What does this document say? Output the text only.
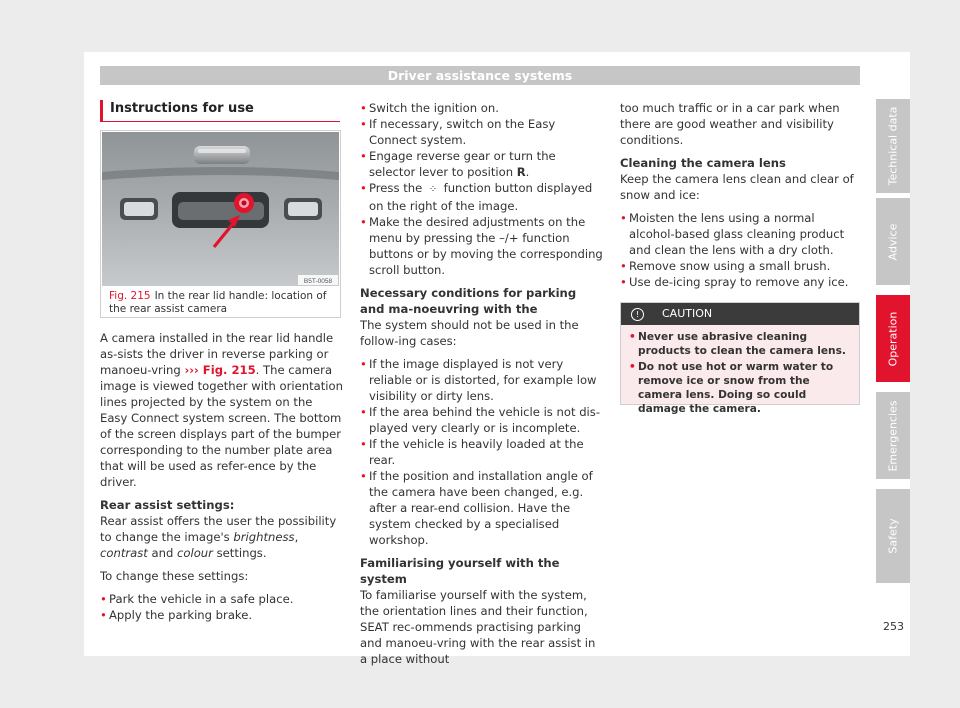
Driver assistance systems
Instructions for use
B5T-0058
Fig. 215 In the rear lid handle: location of the rear assist camera

A camera installed in the rear lid handle as-sists the driver in reverse parking or manoeu-vring ››› Fig. 215. The camera image is viewed together with orientation lines projected by the system on the Easy Connect system screen. The bottom of the screen displays part of the bumper corresponding to the number plate area that will be used as refer-ence by the driver.

Rear assist settings:

Rear assist offers the user the possibility to change the image's brightness, contrast and colour settings.

To change these settings:

• Park the vehicle in a safe place.

• Apply the parking brake.

• Switch the ignition on.

• If necessary, switch on the Easy Connect system.

• Engage reverse gear or turn the selector lever to position R.

• Press the ⁘ function button displayed on the right of the image.

• Make the desired adjustments on the menu by pressing the –/+ function buttons or by moving the corresponding scroll button.

Necessary conditions for parking and ma-noeuvring with the

The system should not be used in the follow-ing cases:

• If the image displayed is not very reliable or is distorted, for example low visibility or dirty lens.

• If the area behind the vehicle is not dis-played very clearly or is incomplete.

• If the vehicle is heavily loaded at the rear.

• If the position and installation angle of the camera have been changed, e.g. after a rear-end collision. Have the system checked by a specialised workshop.

Familiarising yourself with the system

To familiarise yourself with the system, the orientation lines and their function, SEAT rec-ommends practising parking and manoeu-vring with the rear assist in a place without

too much traffic or in a car park when there are good weather and visibility conditions.

Cleaning the camera lens

Keep the camera lens clean and clear of snow and ice:

• Moisten the lens using a normal alcohol-based glass cleaning product and clean the lens with a dry cloth.

• Remove snow using a small brush.

• Use de-icing spray to remove any ice.

!	CAUTION

• Never use abrasive cleaning products to clean the camera lens.

• Do not use hot or warm water to remove ice or snow from the camera lens. Doing so could damage the camera.

Technical data
Advice
Operation
Emergencies
Safety
253
